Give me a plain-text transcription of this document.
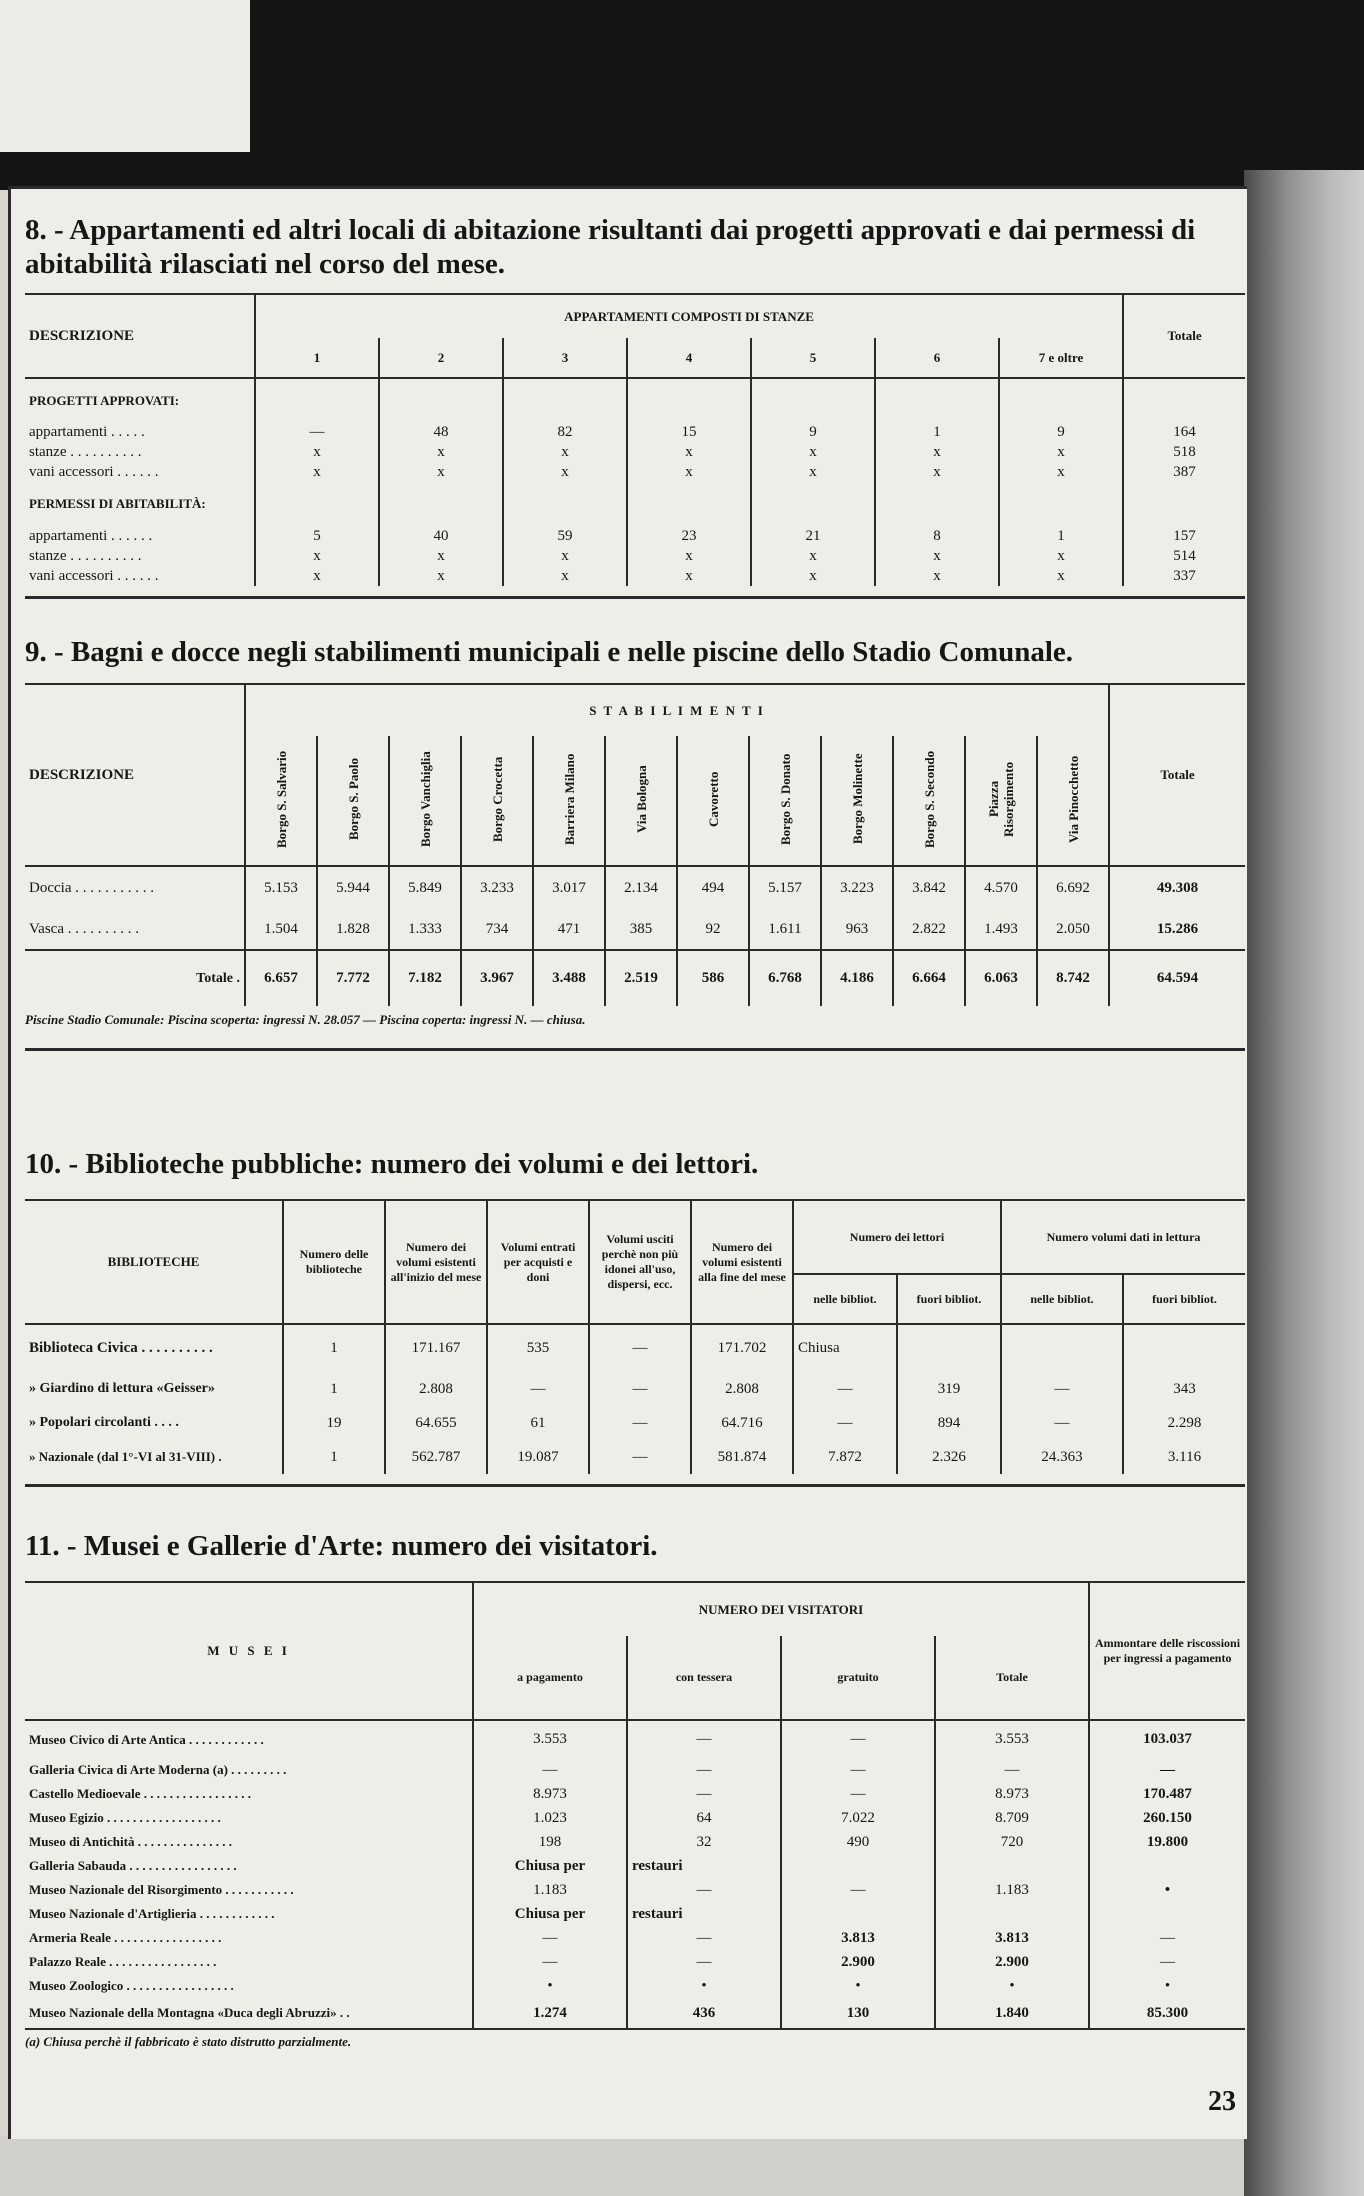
8. - Appartamenti ed altri locali di abitazione risultanti dai progetti approvati e dai permessi di abitabilità rilasciati nel corso del mese.

DESCRIZIONE	APPARTAMENTI COMPOSTI DI STANZE							Totale
	1	2	3	4	5	6	7 e oltre	
PROGETTI APPROVATI:								
appartamenti . . . . .	—	48	82	15	9	1	9	164
stanze . . . . . . . . . .	x	x	x	x	x	x	x	518
vani accessori . . . . . .	x	x	x	x	x	x	x	387
PERMESSI DI ABITABILITÀ:								
appartamenti . . . . . .	5	40	59	23	21	8	1	157
stanze . . . . . . . . . .	x	x	x	x	x	x	x	514
vani accessori . . . . . .	x	x	x	x	x	x	x	337

9. - Bagni e docce negli stabilimenti municipali e nelle piscine dello Stadio Comunale.

DESCRIZIONE	S T A B I L I M E N T I												Totale
	Borgo S. Salvario	Borgo S. Paolo	Borgo Vanchiglia	Borgo Crocetta	Barriera Milano	Via Bologna	Cavoretto	Borgo S. Donato	Borgo Molinette	Borgo S. Secondo	Piazza Risorgimento	Via Pinocchetto	
Doccia . . . . . . . . . . .	5.153	5.944	5.849	3.233	3.017	2.134	494	5.157	3.223	3.842	4.570	6.692	49.308
Vasca . . . . . . . . . .	1.504	1.828	1.333	734	471	385	92	1.611	963	2.822	1.493	2.050	15.286
Totale .	6.657	7.772	7.182	3.967	3.488	2.519	586	6.768	4.186	6.664	6.063	8.742	64.594
Piscine Stadio Comunale: Piscina scoperta: ingressi N. 28.057 — Piscina coperta: ingressi N. — chiusa.

10. - Biblioteche pubbliche: numero dei volumi e dei lettori.

BIBLIOTECHE	Numero delle biblioteche	Numero dei volumi esistenti all'inizio del mese	Volumi entrati per acquisti e doni	Volumi usciti perchè non più idonei all'uso, dispersi, ecc.	Numero dei volumi esistenti alla fine del mese	Numero dei lettori		Numero volumi dati in lettura	
						nelle bibliot.	fuori bibliot.	nelle bibliot.	fuori bibliot.
Biblioteca Civica . . . . . . . . . .	1	171.167	535	—	171.702	Chiusa			
» Giardino di lettura «Geisser»	1	2.808	—	—	2.808	—	319	—	343
» Popolari circolanti . . . .	19	64.655	61	—	64.716	—	894	—	2.298
» Nazionale (dal 1°-VI al 31-VIII) .	1	562.787	19.087	—	581.874	7.872	2.326	24.363	3.116

11. - Musei e Gallerie d'Arte: numero dei visitatori.

M U S E I	NUMERO DEI VISITATORI				Ammontare delle riscossioni per ingressi a pagamento
	a pagamento	con tessera	gratuito	Totale	
Museo Civico di Arte Antica . . . . . . . . . . . .	3.553	—	—	3.553	103.037
Galleria Civica di Arte Moderna (a) . . . . . . . . .	—	—	—	—	—
Castello Medioevale . . . . . . . . . . . . . . . . .	8.973	—	—	8.973	170.487
Museo Egizio . . . . . . . . . . . . . . . . . .	1.023	64	7.022	8.709	260.150
Museo di Antichità . . . . . . . . . . . . . . .	198	32	490	720	19.800
Galleria Sabauda . . . . . . . . . . . . . . . . .	Chiusa per	restauri			
Museo Nazionale del Risorgimento . . . . . . . . . . .	1.183	—	—	1.183	•
Museo Nazionale d'Artiglieria . . . . . . . . . . . .	Chiusa per	restauri			
Armeria Reale . . . . . . . . . . . . . . . . .	—	—	3.813	3.813	—
Palazzo Reale . . . . . . . . . . . . . . . . .	—	—	2.900	2.900	—
Museo Zoologico . . . . . . . . . . . . . . . . .	•	•	•	•	•
Museo Nazionale della Montagna «Duca degli Abruzzi» . .	1.274	436	130	1.840	85.300
(a) Chiusa perchè il fabbricato è stato distrutto parzialmente.
23
